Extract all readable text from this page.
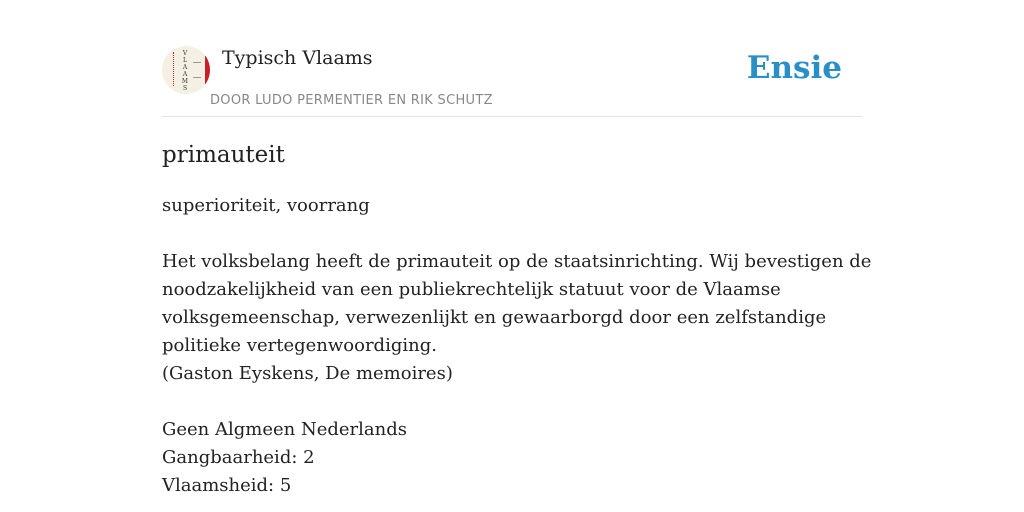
V
L
A
A
M
S
Typisch Vlaams
DOOR LUDO PERMENTIER EN RIK SCHUTZ
Ensie
primauteit

superioriteit, voorrang

Het volksbelang heeft de primauteit op de staatsinrichting. Wij bevestigen de noodzakelijkheid van een publiekrechtelijk statuut voor de Vlaamse volksgemeenschap, verwezenlijkt en gewaarborgd door een zelfstandige politieke vertegenwoordiging.

(Gaston Eyskens, De memoires)

Geen Algmeen Nederlands

Gangbaarheid: 2

Vlaamsheid: 5
